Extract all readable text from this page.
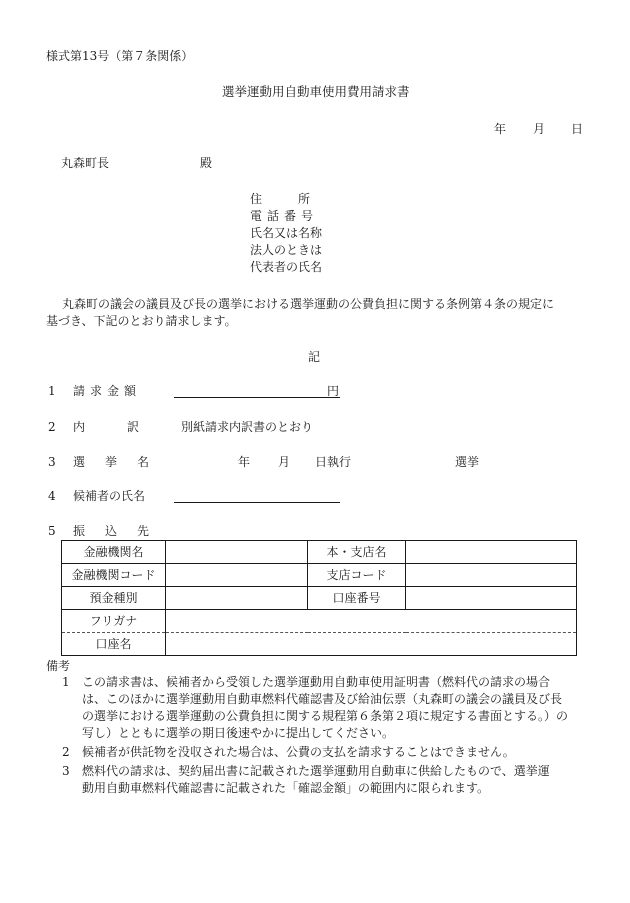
様式第13号（第７条関係）
選挙運動用自動車使用費用請求書
年 月 日
丸森町長	殿
住　　　所
電話番号
氏名又は名称
法人のときは
代表者の氏名
丸森町の議会の議員及び長の選挙における選挙運動の公費負担に関する条例第４条の規定に
基づき、下記のとおり請求します。
記
1 請求金額	円
2 内　　訳	別紙請求内訳書のとおり
3 選　挙　名	年 月 日執行	選挙
4 候補者の氏名
5 振　込　先
金融機関名		本・支店名	
金融機関コード		支店コード	
預金種別		口座番号	
フリガナ			
口座名			
備考
1 この請求書は、候補者から受領した選挙運動用自動車使用証明書（燃料代の請求の場合
は、このほかに選挙運動用自動車燃料代確認書及び給油伝票（丸森町の議会の議員及び長
の選挙における選挙運動の公費負担に関する規程第６条第２項に規定する書面とする。）の
写し）とともに選挙の期日後速やかに提出してください。
2 候補者が供託物を没収された場合は、公費の支払を請求することはできません。
3 燃料代の請求は、契約届出書に記載された選挙運動用自動車に供給したもので、選挙運
動用自動車燃料代確認書に記載された「確認金額」の範囲内に限られます。
